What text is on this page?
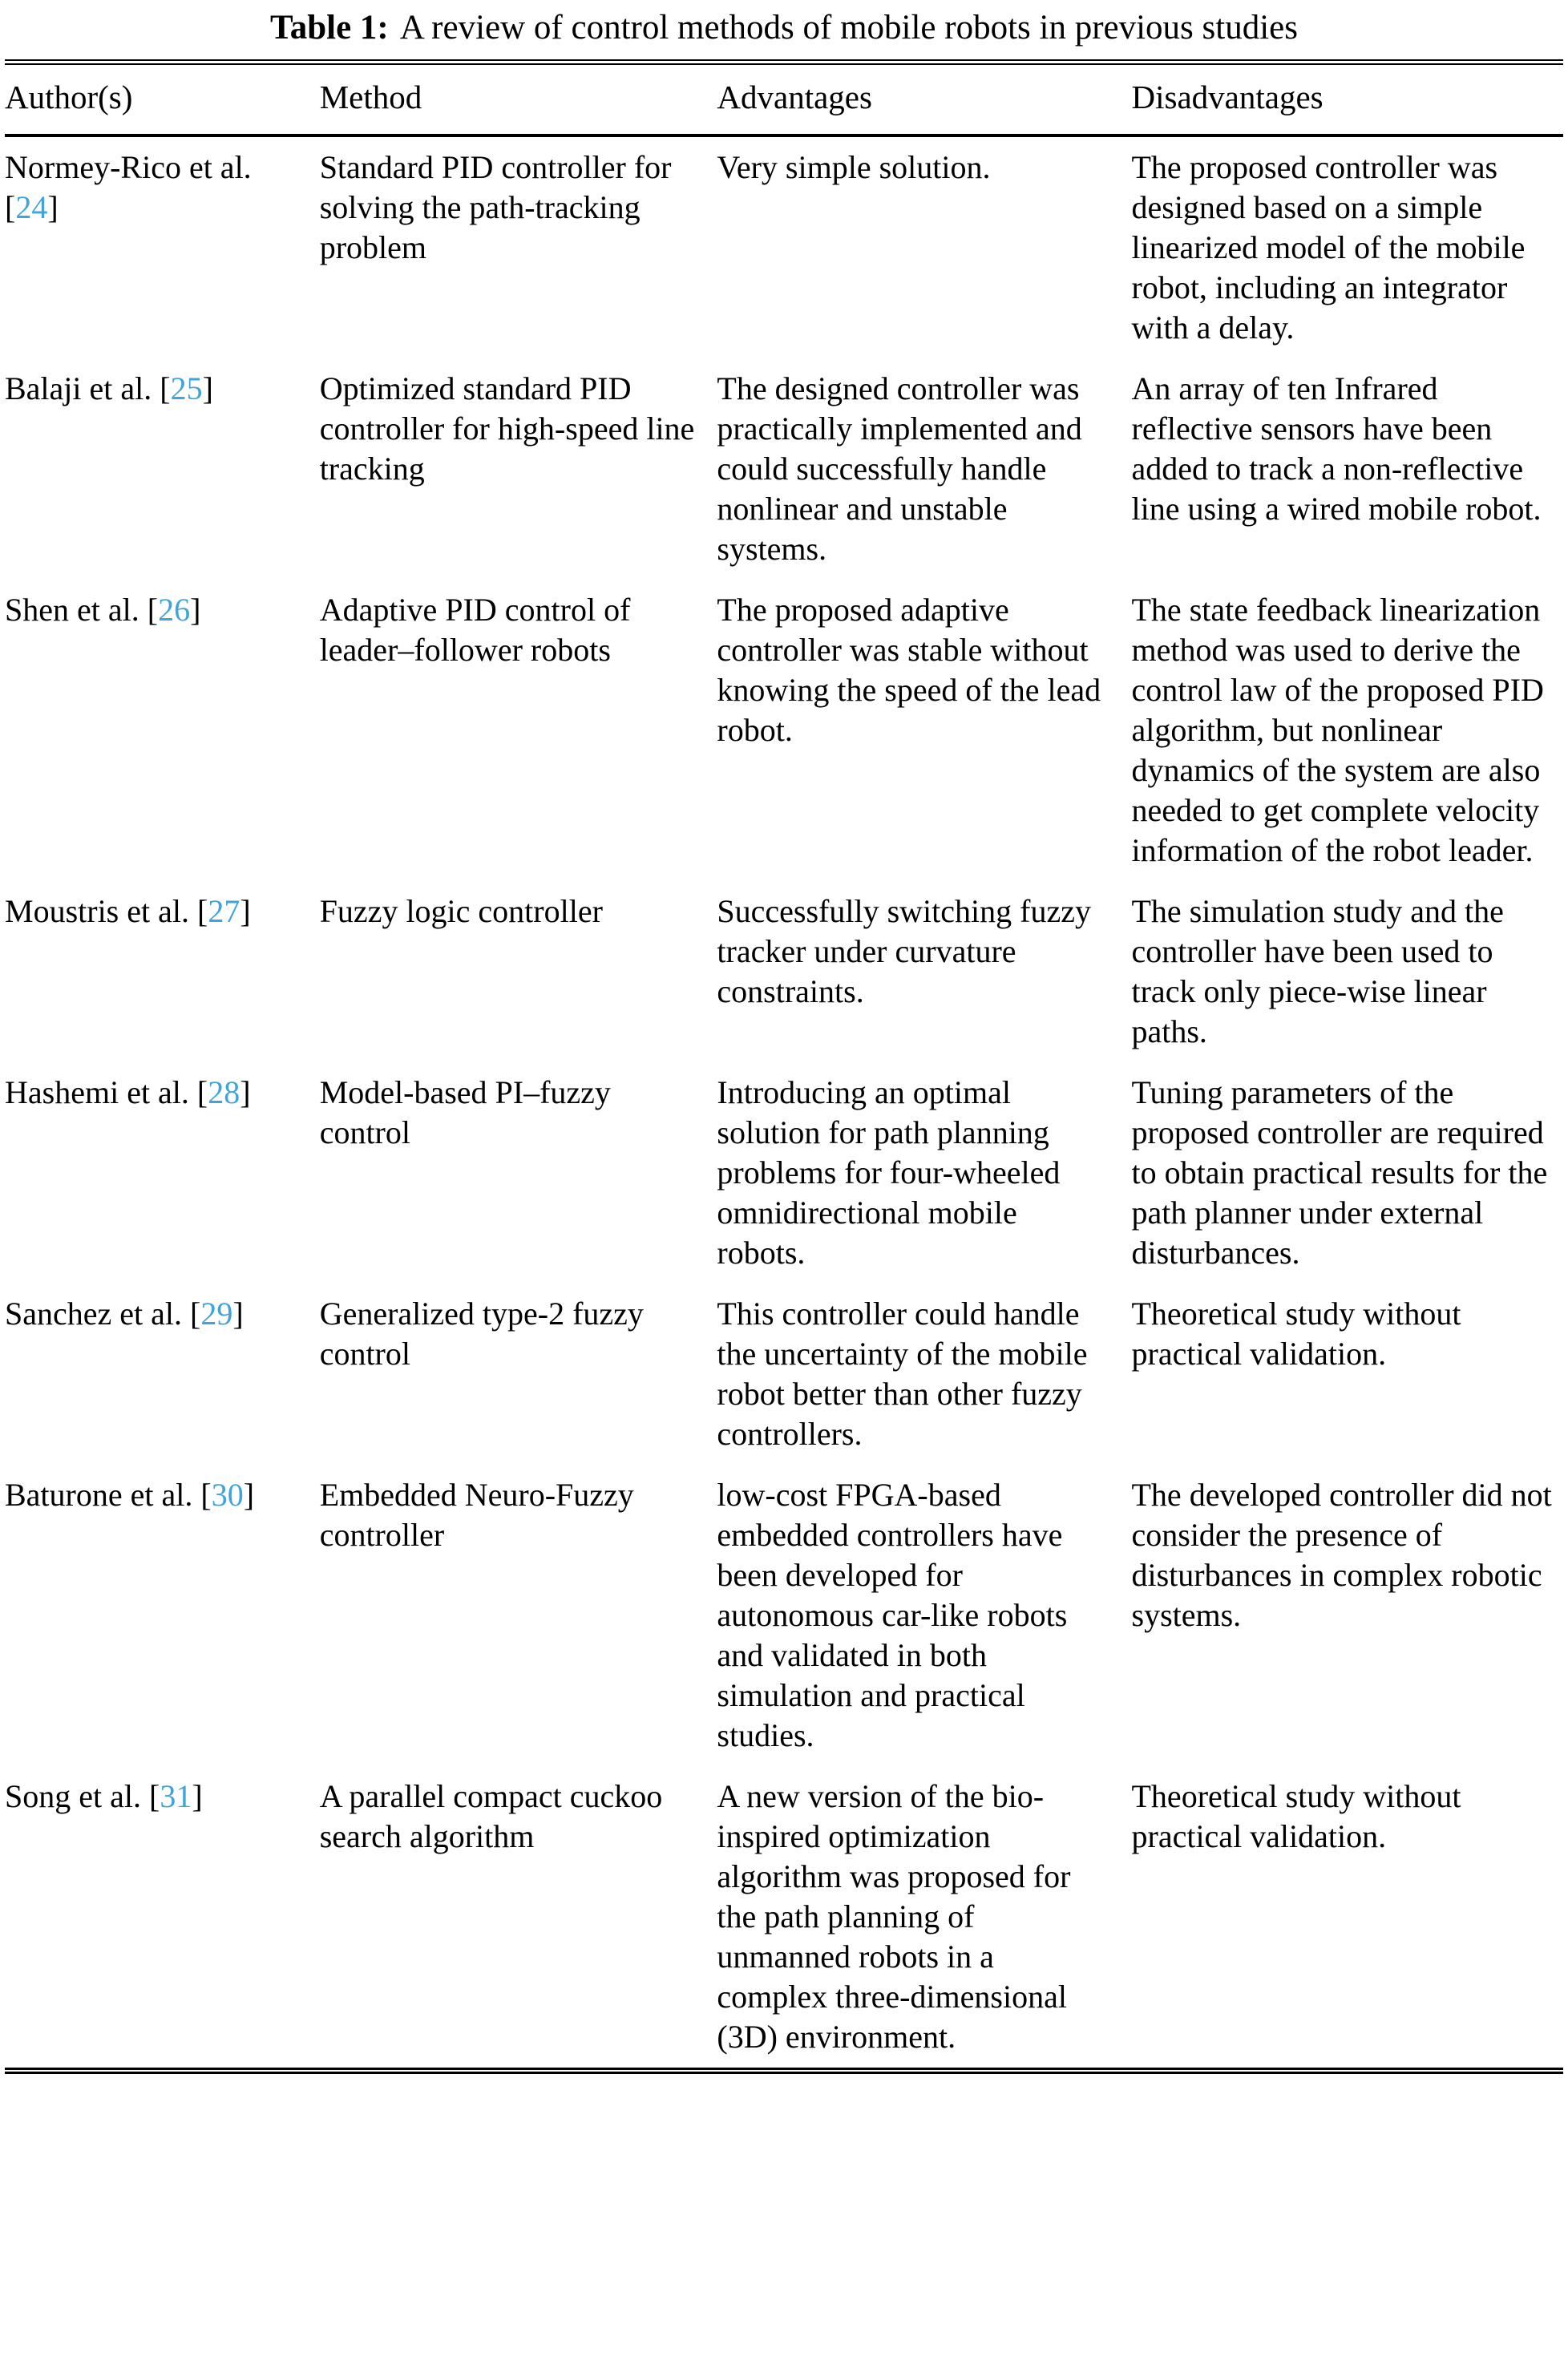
Table 1: A review of control methods of mobile robots in previous studies

Author(s)	Method	Advantages	Disadvantages
Normey-Rico et al. [24]	Standard PID controller for solving the path-tracking problem	Very simple solution.	The proposed controller was designed based on a simple linearized model of the mobile robot, including an integrator with a delay.
Balaji et al. [25]	Optimized standard PID controller for high-speed line tracking	The designed controller was practically implemented and could successfully handle nonlinear and unstable systems.	An array of ten Infrared reflective sensors have been added to track a non-reflective line using a wired mobile robot.
Shen et al. [26]	Adaptive PID control of leader–follower robots	The proposed adaptive controller was stable without knowing the speed of the lead robot.	The state feedback linearization method was used to derive the control law of the proposed PID algorithm, but nonlinear dynamics of the system are also needed to get complete velocity information of the robot leader.
Moustris et al. [27]	Fuzzy logic controller	Successfully switching fuzzy tracker under curvature constraints.	The simulation study and the controller have been used to track only piece-wise linear paths.
Hashemi et al. [28]	Model-based PI–fuzzy control	Introducing an optimal solution for path planning problems for four-wheeled omnidirectional mobile robots.	Tuning parameters of the proposed controller are required to obtain practical results for the path planner under external disturbances.
Sanchez et al. [29]	Generalized type-2 fuzzy control	This controller could handle the uncertainty of the mobile robot better than other fuzzy controllers.	Theoretical study without practical validation.
Baturone et al. [30]	Embedded Neuro-Fuzzy controller	low-cost FPGA-based embedded controllers have been developed for autonomous car-like robots and validated in both simulation and practical studies.	The developed controller did not consider the presence of disturbances in complex robotic systems.
Song et al. [31]	A parallel compact cuckoo search algorithm	A new version of the bio-inspired optimization algorithm was proposed for the path planning of unmanned robots in a complex three-dimensional (3D) environment.	Theoretical study without practical validation.
